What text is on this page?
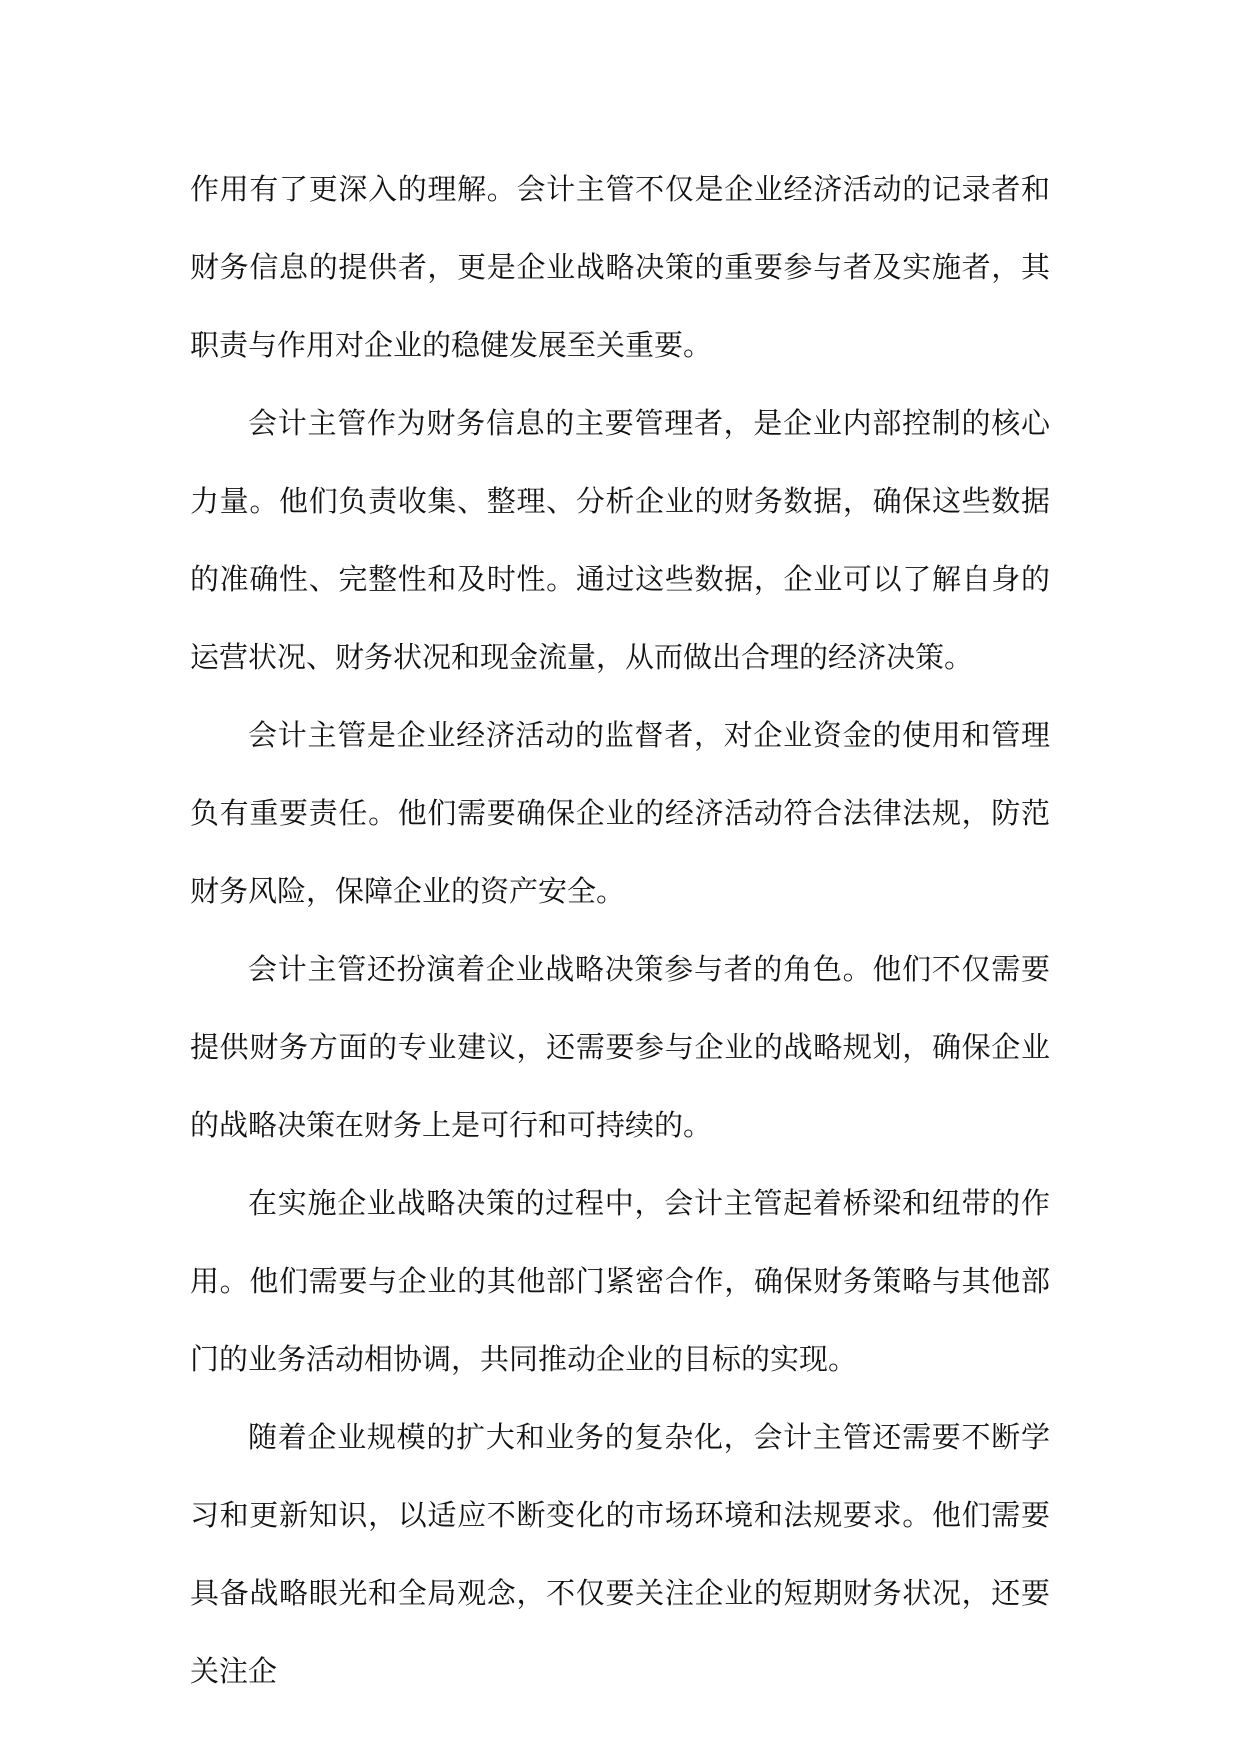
作用有了更深入的理解。会计主管不仅是企业经济活动的记录者和财务信息的提供者，更是企业战略决策的重要参与者及实施者，其职责与作用对企业的稳健发展至关重要。

会计主管作为财务信息的主要管理者，是企业内部控制的核心力量。他们负责收集、整理、分析企业的财务数据，确保这些数据的准确性、完整性和及时性。通过这些数据，企业可以了解自身的运营状况、财务状况和现金流量，从而做出合理的经济决策。

会计主管是企业经济活动的监督者，对企业资金的使用和管理负有重要责任。他们需要确保企业的经济活动符合法律法规，防范财务风险，保障企业的资产安全。

会计主管还扮演着企业战略决策参与者的角色。他们不仅需要提供财务方面的专业建议，还需要参与企业的战略规划，确保企业的战略决策在财务上是可行和可持续的。

在实施企业战略决策的过程中，会计主管起着桥梁和纽带的作用。他们需要与企业的其他部门紧密合作，确保财务策略与其他部门的业务活动相协调，共同推动企业的目标的实现。

随着企业规模的扩大和业务的复杂化，会计主管还需要不断学习和更新知识，以适应不断变化的市场环境和法规要求。他们需要具备战略眼光和全局观念，不仅要关注企业的短期财务状况，还要关注企
